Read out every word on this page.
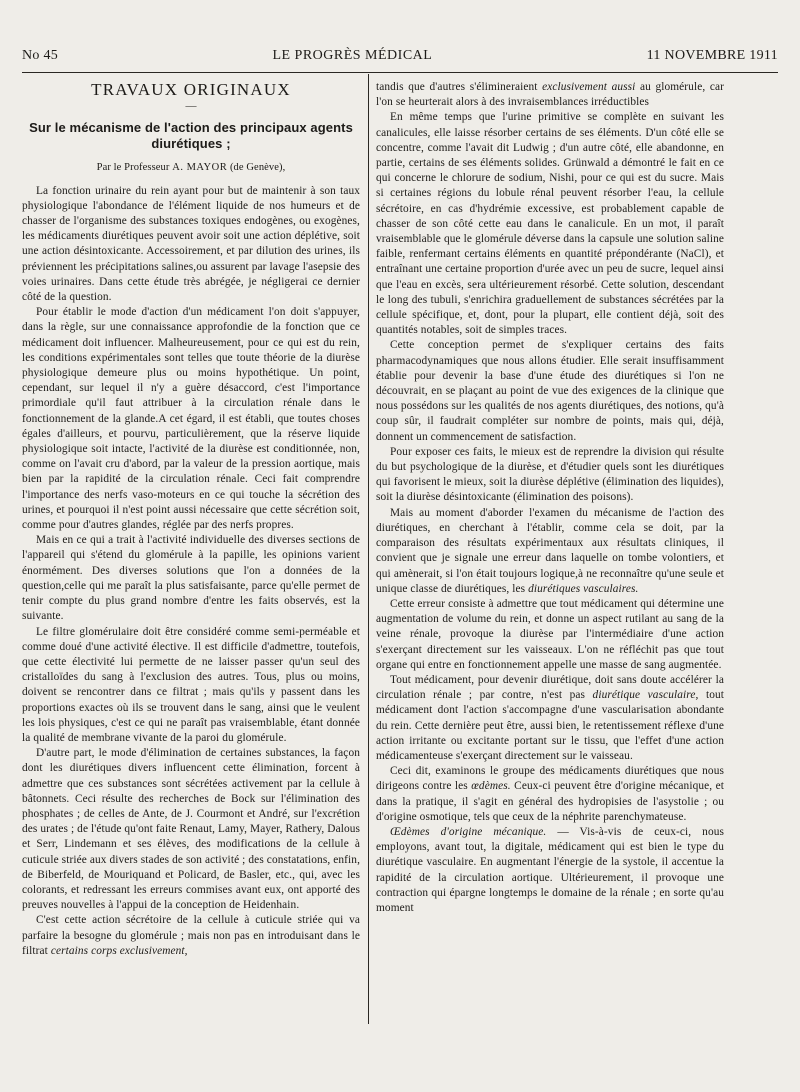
No 45	LE PROGRÈS MÉDICAL	11 NOVEMBRE 1911
TRAVAUX ORIGINAUX
—
Sur le mécanisme de l'action des principaux agents diurétiques ;
Par le Professeur A. MAYOR (de Genève),

La fonction urinaire du rein ayant pour but de maintenir à son taux physiologique l'abondance de l'élément liquide de nos humeurs et de chasser de l'organisme des substances toxiques endogènes, ou exogènes, les médicaments diurétiques peuvent avoir soit une action déplétive, soit une action désintoxicante. Accessoirement, et par dilution des urines, ils préviennent les précipitations salines,ou assurent par lavage l'asepsie des voies urinaires. Dans cette étude très abrégée, je négligerai ce dernier côté de la question.

Pour établir le mode d'action d'un médicament l'on doit s'appuyer, dans la règle, sur une connaissance approfondie de la fonction que ce médicament doit influencer. Malheureusement, pour ce qui est du rein, les conditions expérimentales sont telles que toute théorie de la diurèse physiologique demeure plus ou moins hypothétique. Un point, cependant, sur lequel il n'y a guère désaccord, c'est l'importance primordiale qu'il faut attribuer à la circulation rénale dans le fonctionnement de la glande.A cet égard, il est établi, que toutes choses égales d'ailleurs, et pourvu, particulièrement, que la réserve liquide physiologique soit intacte, l'activité de la diurèse est conditionnée, non, comme on l'avait cru d'abord, par la valeur de la pression aortique, mais bien par la rapidité de la circulation rénale. Ceci fait comprendre l'importance des nerfs vaso-moteurs en ce qui touche la sécrétion des urines, et pourquoi il n'est point aussi nécessaire que cette sécrétion soit, comme pour d'autres glandes, réglée par des nerfs propres.

Mais en ce qui a trait à l'activité individuelle des diverses sections de l'appareil qui s'étend du glomérule à la papille, les opinions varient énormément. Des diverses solutions que l'on a données de la question,celle qui me paraît la plus satisfaisante, parce qu'elle permet de tenir compte du plus grand nombre d'entre les faits observés, est la suivante.

Le filtre glomérulaire doit être considéré comme semi-perméable et comme doué d'une activité élective. Il est difficile d'admettre, toutefois, que cette électivité lui permette de ne laisser passer qu'un seul des cristalloïdes du sang à l'exclusion des autres. Tous, plus ou moins, doivent se rencontrer dans ce filtrat ; mais qu'ils y passent dans les proportions exactes où ils se trouvent dans le sang, ainsi que le veulent les lois physiques, c'est ce qui ne paraît pas vraisemblable, étant donnée la qualité de membrane vivante de la paroi du glomérule.

D'autre part, le mode d'élimination de certaines substances, la façon dont les diurétiques divers influencent cette élimination, forcent à admettre que ces substances sont sécrétées activement par la cellule à bâtonnets. Ceci résulte des recherches de Bock sur l'élimination des phosphates ; de celles de Ante, de J. Courmont et André, sur l'excrétion des urates ; de l'étude qu'ont faite Renaut, Lamy, Mayer, Rathery, Dalous et Serr, Lindemann et ses élèves, des modifications de la cellule à cuticule striée aux divers stades de son activité ; des constatations, enfin, de Biberfeld, de Mouriquand et Policard, de Basler, etc., qui, avec les colorants, et redressant les erreurs commises avant eux, ont apporté des preuves nouvelles à l'appui de la conception de Heidenhain.

C'est cette action sécrétoire de la cellule à cuticule striée qui va parfaire la besogne du glomérule ; mais non pas en introduisant dans le filtrat certains corps exclusivement,

tandis que d'autres s'élimineraient exclusivement aussi au glomérule, car l'on se heurterait alors à des invraisemblances irréductibles

En même temps que l'urine primitive se complète en suivant les canalicules, elle laisse résorber certains de ses éléments. D'un côté elle se concentre, comme l'avait dit Ludwig ; d'un autre côté, elle abandonne, en partie, certains de ses éléments solides. Grünwald a démontré le fait en ce qui concerne le chlorure de sodium, Nishi, pour ce qui est du sucre. Mais si certaines régions du lobule rénal peuvent résorber l'eau, la cellule sécrétoire, en cas d'hydrémie excessive, est probablement capable de chasser de son côté cette eau dans le canalicule. En un mot, il paraît vraisemblable que le glomérule déverse dans la capsule une solution saline faible, renfermant certains éléments en quantité prépondérante (NaCl), et entraînant une certaine proportion d'urée avec un peu de sucre, lequel ainsi que l'eau en excès, sera ultérieurement résorbé. Cette solution, descendant le long des tubuli, s'enrichira graduellement de substances sécrétées par la cellule spécifique, et, dont, pour la plupart, elle contient déjà, soit des quantités notables, soit de simples traces.

Cette conception permet de s'expliquer certains des faits pharmacodynamiques que nous allons étudier. Elle serait insuffisamment établie pour devenir la base d'une étude des diurétiques si l'on ne découvrait, en se plaçant au point de vue des exigences de la clinique que nous possédons sur les qualités de nos agents diurétiques, des notions, qu'à coup sûr, il faudrait compléter sur nombre de points, mais qui, déjà, donnent un commencement de satisfaction.

Pour exposer ces faits, le mieux est de reprendre la division qui résulte du but psychologique de la diurèse, et d'étudier quels sont les diurétiques qui favorisent le mieux, soit la diurèse déplétive (élimination des liquides), soit la diurèse désintoxicante (élimination des poisons).

Mais au moment d'aborder l'examen du mécanisme de l'action des diurétiques, en cherchant à l'établir, comme cela se doit, par la comparaison des résultats expérimentaux aux résultats cliniques, il convient que je signale une erreur dans laquelle on tombe volontiers, et qui amènerait, si l'on était toujours logique,à ne reconnaître qu'une seule et unique classe de diurétiques, les diurétiques vasculaires.

Cette erreur consiste à admettre que tout médicament qui détermine une augmentation de volume du rein, et donne un aspect rutilant au sang de la veine rénale, provoque la diurèse par l'intermédiaire d'une action s'exerçant directement sur les vaisseaux. L'on ne réfléchit pas que tout organe qui entre en fonctionnement appelle une masse de sang augmentée.

Tout médicament, pour devenir diurétique, doit sans doute accélérer la circulation rénale ; par contre, n'est pas diurétique vasculaire, tout médicament dont l'action s'accompagne d'une vascularisation abondante du rein. Cette dernière peut être, aussi bien, le retentissement réflexe d'une action irritante ou excitante portant sur le tissu, que l'effet d'une action médicamenteuse s'exerçant directement sur le vaisseau.

Ceci dit, examinons le groupe des médicaments diurétiques que nous dirigeons contre les œdèmes. Ceux-ci peuvent être d'origine mécanique, et dans la pratique, il s'agit en général des hydropisies de l'asystolie ; ou d'origine osmotique, tels que ceux de la néphrite parenchymateuse.

Œdèmes d'origine mécanique. — Vis-à-vis de ceux-ci, nous employons, avant tout, la digitale, médicament qui est bien le type du diurétique vasculaire. En augmentant l'énergie de la systole, il accentue la rapidité de la circulation aortique. Ultérieurement, il provoque une contraction qui épargne longtemps le domaine de la rénale ; en sorte qu'au moment
